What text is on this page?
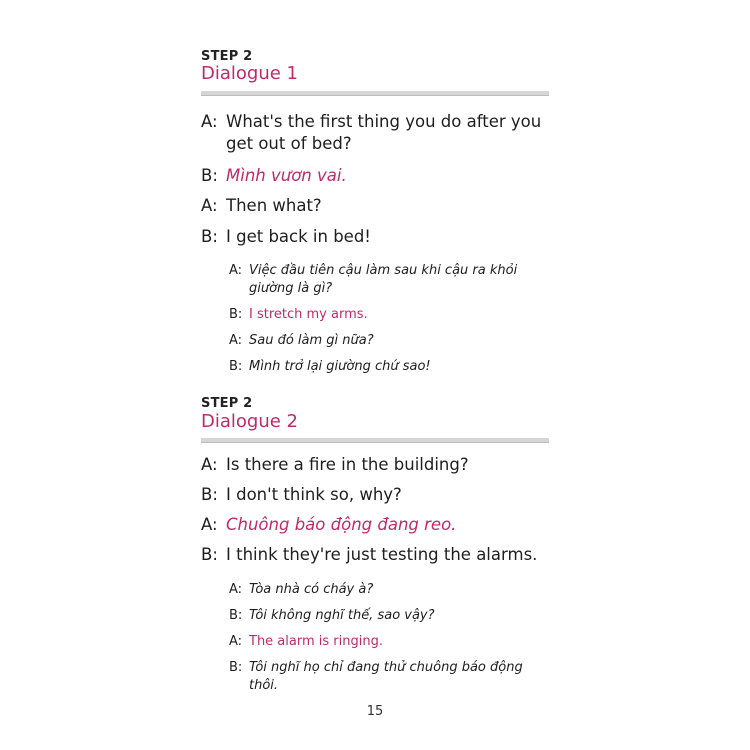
STEP 2
Dialogue 1
A: What's the first thing you do after you
get out of bed?
B: Mình vươn vai.
A: Then what?
B: I get back in bed!
A: Việc đầu tiên cậu làm sau khi cậu ra khỏi
giường là gì?
B: I stretch my arms.
A: Sau đó làm gì nữa?
B: Mình trở lại giường chứ sao!
STEP 2
Dialogue 2
A: Is there a fire in the building?
B: I don't think so, why?
A: Chuông báo động đang reo.
B: I think they're just testing the alarms.
A: Tòa nhà có cháy à?
B: Tôi không nghĩ thế, sao vậy?
A: The alarm is ringing.
B: Tôi nghĩ họ chỉ đang thử chuông báo động
thôi.
15
